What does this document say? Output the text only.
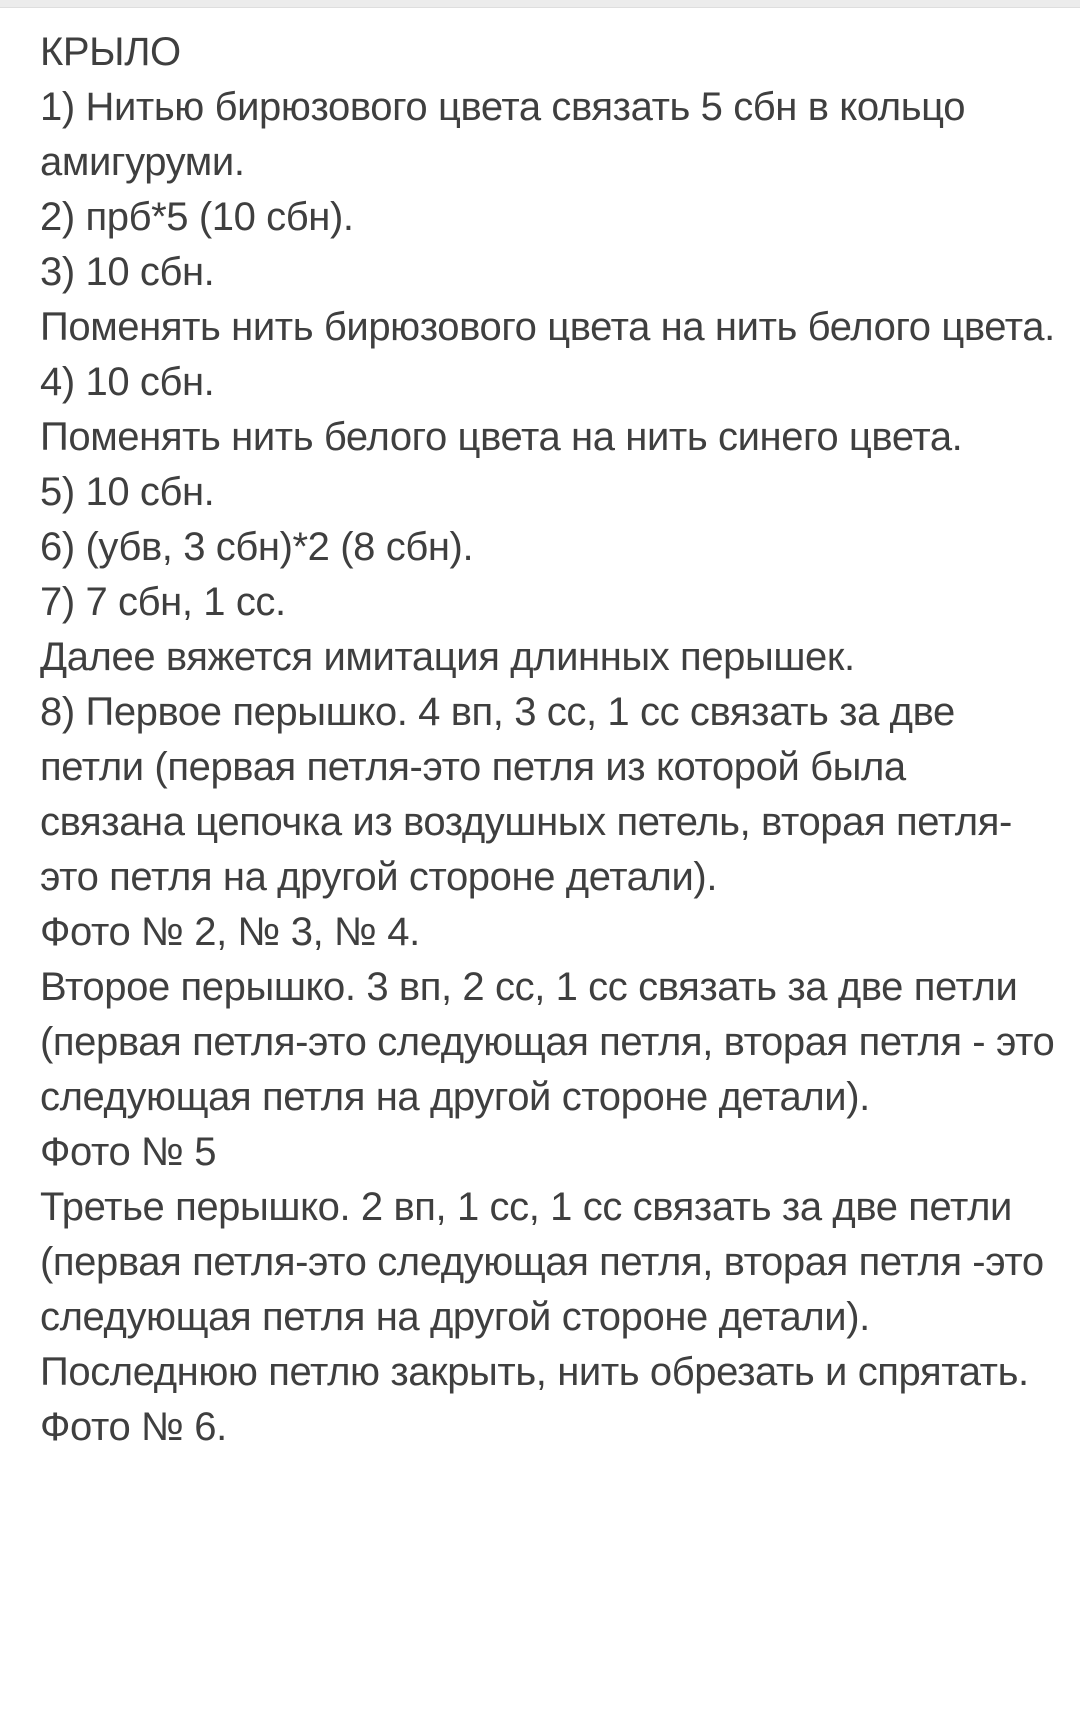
КРЫЛО
1) Нитью бирюзового цвета связать 5 сбн в кольцо амигуруми.
2) прб*5 (10 сбн).
3) 10 сбн.
Поменять нить бирюзового цвета на нить белого цвета.
4) 10 сбн.
Поменять нить белого цвета на нить синего цвета.
5) 10 сбн.
6) (убв, 3 сбн)*2 (8 сбн).
7) 7 сбн, 1 сс.
Далее вяжется имитация длинных перышек.
8) Первое перышко. 4 вп, 3 сс, 1 сс связать за две петли (первая петля-это петля из которой была связана цепочка из воздушных петель, вторая петля-это петля на другой стороне детали).
Фото № 2, № 3, № 4.
Второе перышко. 3 вп, 2 сс, 1 сс связать за две петли (первая петля-это следующая петля, вторая петля - это следующая петля на другой стороне детали).
Фото № 5
Третье перышко. 2 вп, 1 сс, 1 сс связать за две петли (первая петля-это следующая петля, вторая петля -это следующая петля на другой стороне детали). Последнюю петлю закрыть, нить обрезать и спрятать.
Фото № 6.
